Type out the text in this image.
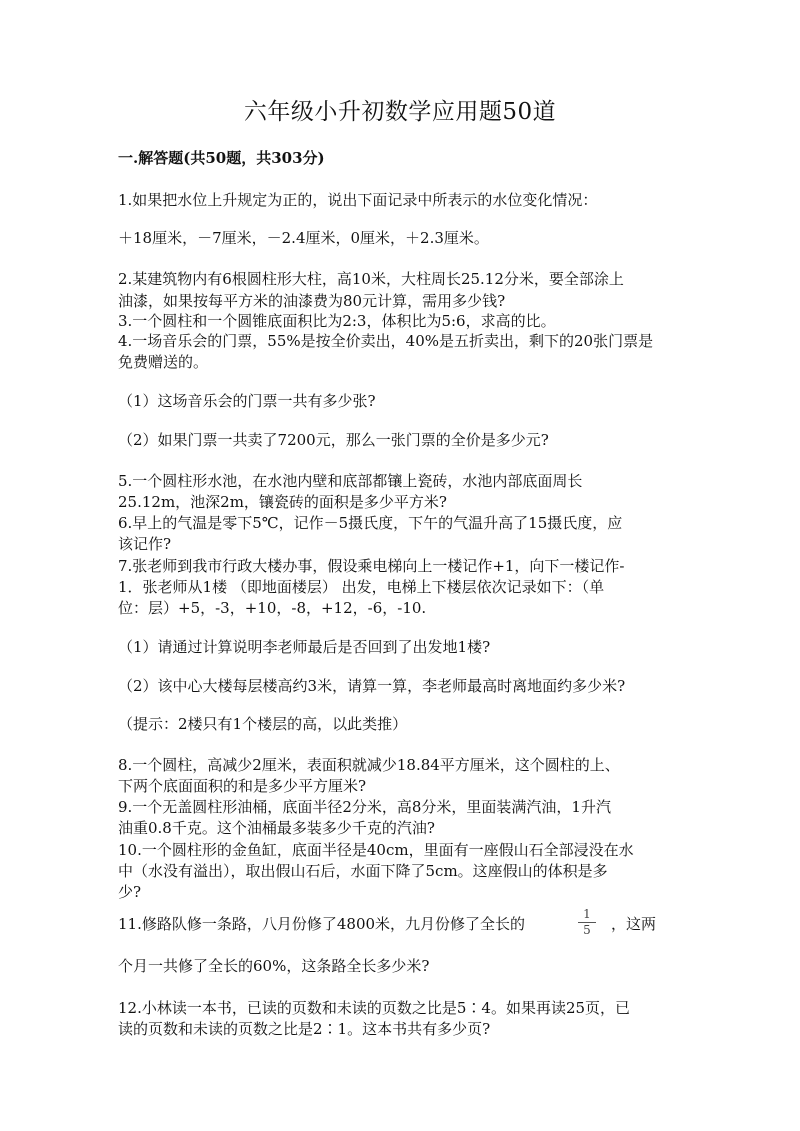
六年级小升初数学应用题50道
一.解答题(共50题，共303分)
1.如果把水位上升规定为正的，说出下面记录中所表示的水位变化情况：
＋18厘米，－7厘米，－2.4厘米，0厘米，＋2.3厘米。
2.某建筑物内有6根圆柱形大柱，高10米，大柱周长25.12分米，要全部涂上
油漆，如果按每平方米的油漆费为80元计算，需用多少钱?
3.一个圆柱和一个圆锥底面积比为2:3，体积比为5:6，求高的比。
4.一场音乐会的门票，55%是按全价卖出，40%是五折卖出，剩下的20张门票是
免费赠送的。
（1）这场音乐会的门票一共有多少张?
（2）如果门票一共卖了7200元，那么一张门票的全价是多少元?
5.一个圆柱形水池，在水池内壁和底部都镶上瓷砖，水池内部底面周长
25.12m，池深2m，镶瓷砖的面积是多少平方米?
6.早上的气温是零下5℃，记作－5摄氏度，下午的气温升高了15摄氏度，应
该记作?
7.张老师到我市行政大楼办事，假设乘电梯向上一楼记作+1，向下一楼记作-
1．张老师从1楼 （即地面楼层） 出发，电梯上下楼层依次记录如下：（单
位：层）+5，-3，+10，-8，+12，-6，-10.
（1）请通过计算说明李老师最后是否回到了出发地1楼?
（2）该中心大楼每层楼高约3米，请算一算，李老师最高时离地面约多少米?
（提示：2楼只有1个楼层的高，以此类推）
8.一个圆柱，高减少2厘米，表面积就减少18.84平方厘米，这个圆柱的上、
下两个底面面积的和是多少平方厘米?
9.一个无盖圆柱形油桶，底面半径2分米，高8分米，里面装满汽油，1升汽
油重0.8千克。这个油桶最多装多少千克的汽油?
10.一个圆柱形的金鱼缸，底面半径是40cm，里面有一座假山石全部浸没在水
中（水没有溢出），取出假山石后，水面下降了5cm。这座假山的体积是多
少?
11.修路队修一条路，八月份修了4800米，九月份修了全长的	$\frac{1}{5}$ ，这两
个月一共修了全长的60%，这条路全长多少米?
12.小林读一本书，已读的页数和未读的页数之比是5∶4。如果再读25页，已
读的页数和未读的页数之比是2∶1。这本书共有多少页?
